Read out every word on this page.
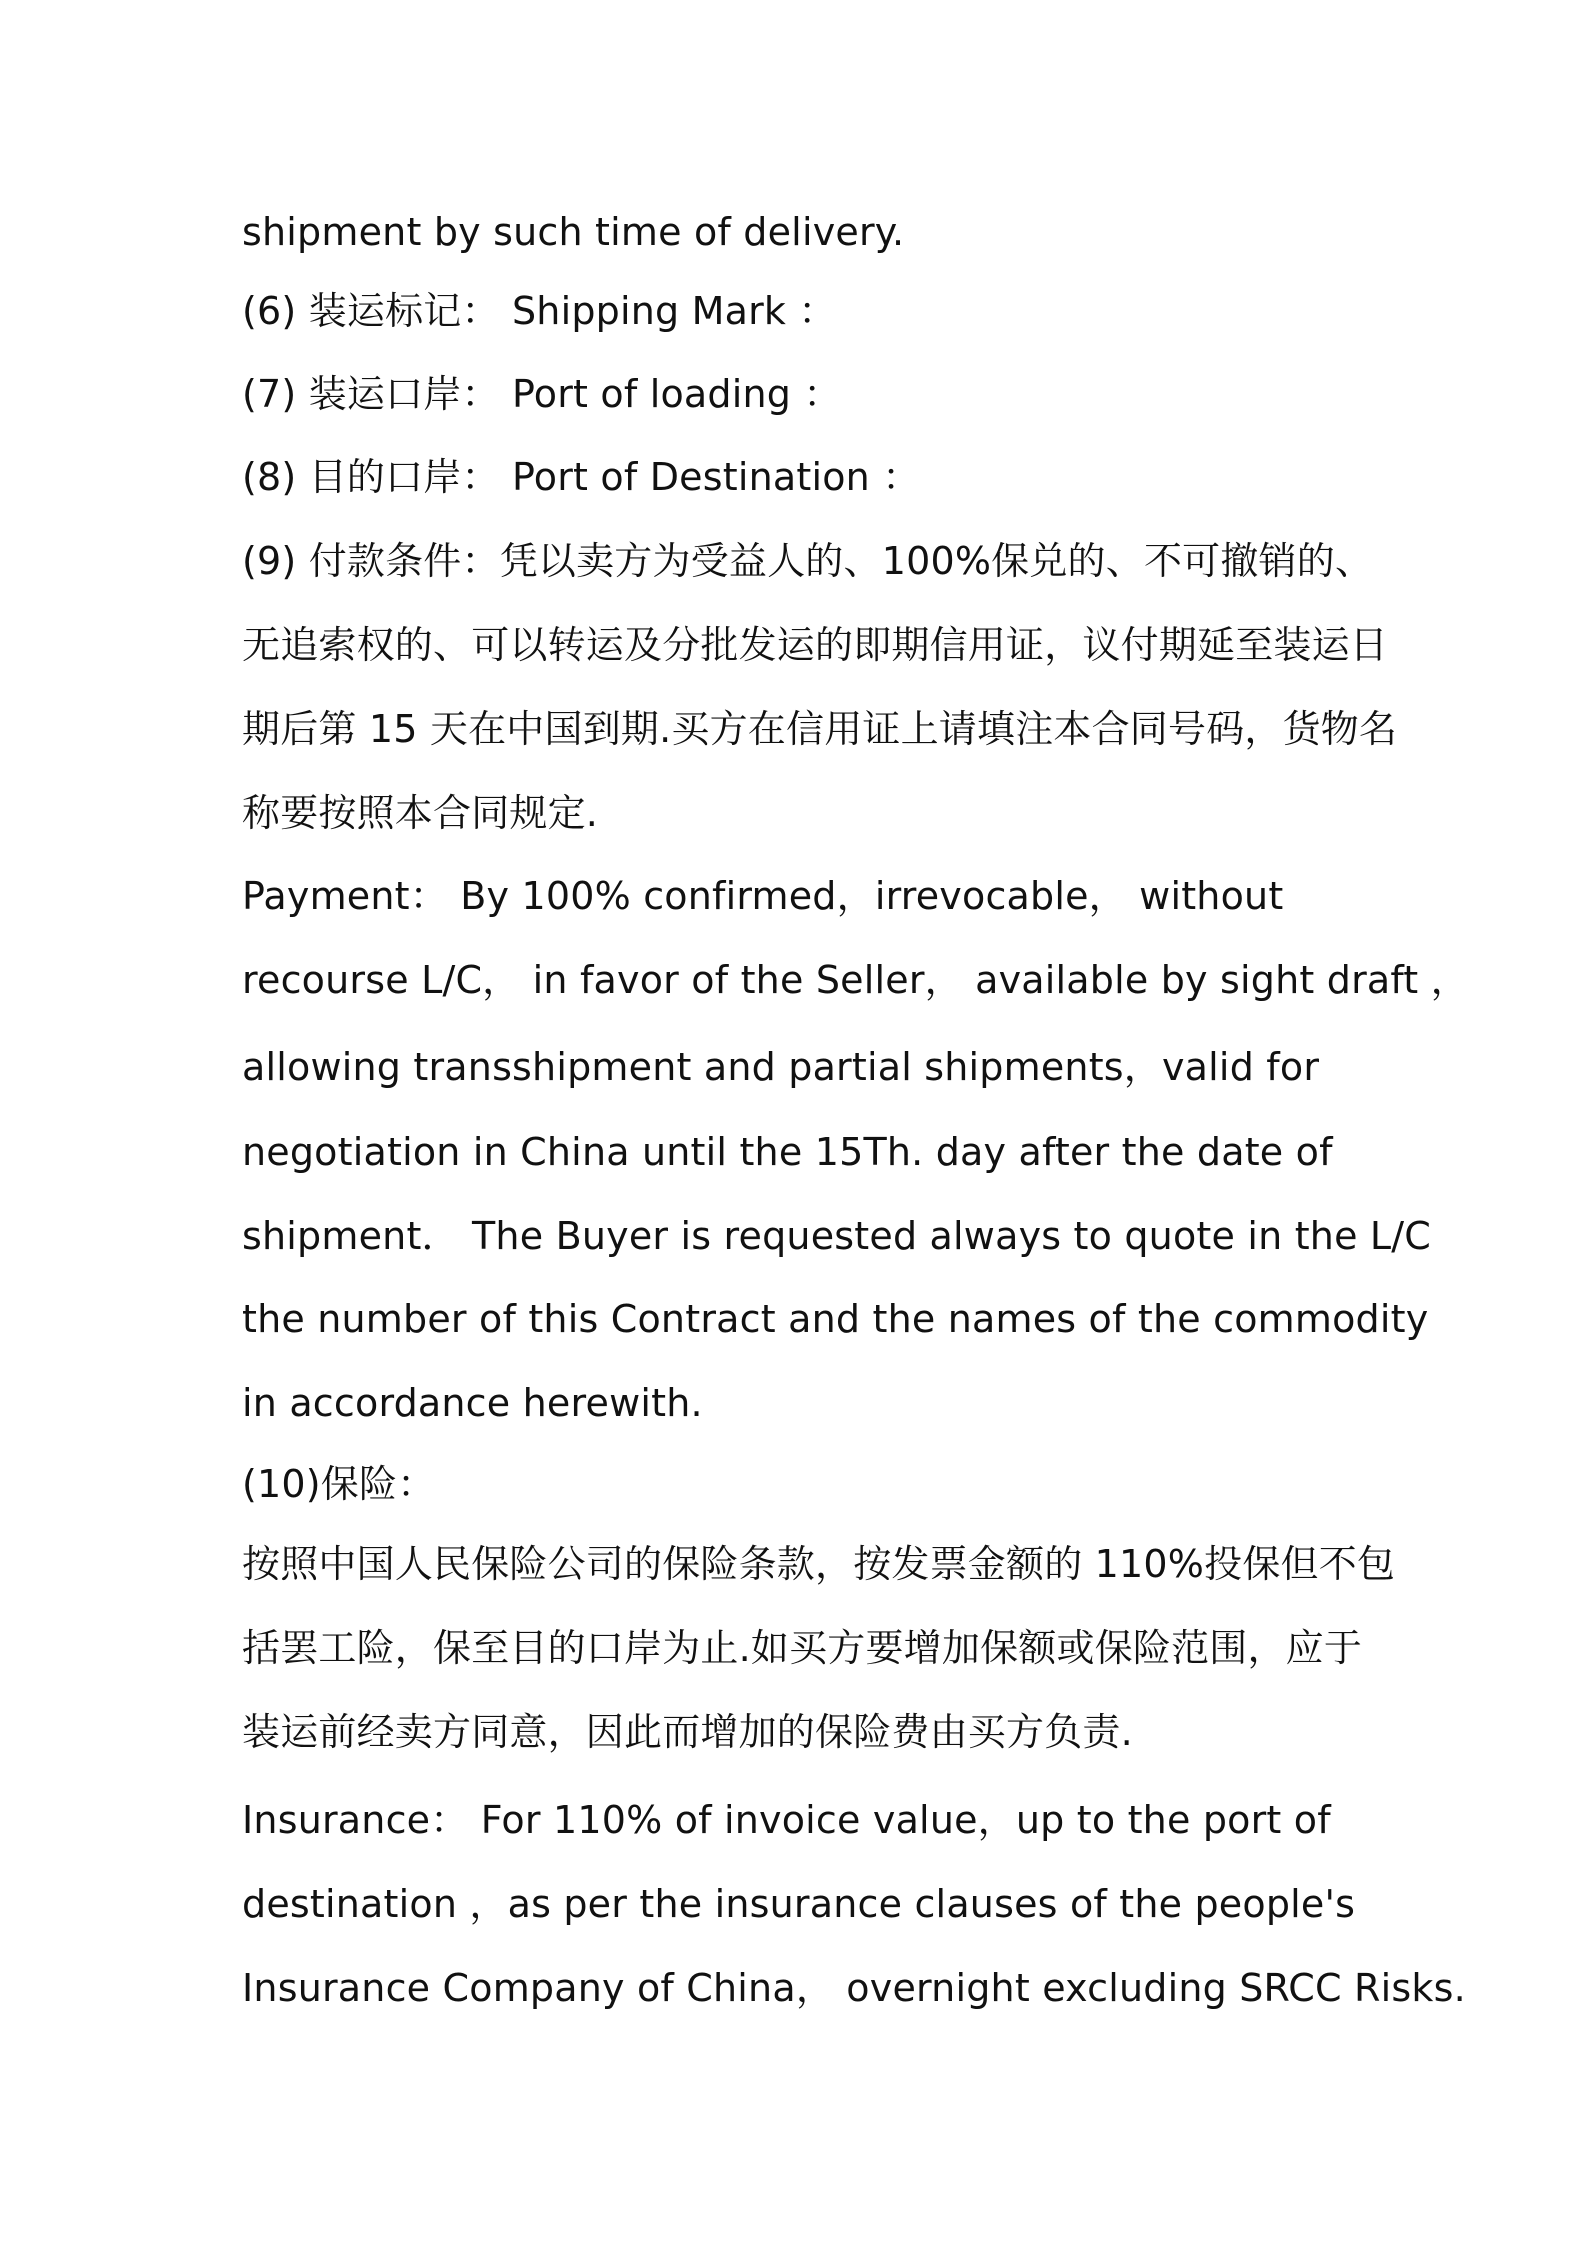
shipment by such time of delivery.
(6) 装运标记： Shipping Mark ：
(7) 装运口岸： Port of loading ：
(8) 目的口岸： Port of Destination ：
(9) 付款条件：凭以卖方为受益人的、100%保兑的、不可撤销的、
无追索权的、可以转运及分批发运的即期信用证，议付期延至装运日
期后第 15 天在中国到期.买方在信用证上请填注本合同号码，货物名
称要按照本合同规定.
Payment： By 100% confirmed，irrevocable， without
recourse L/C， in favor of the Seller， available by sight draft ，
allowing transshipment and partial shipments，valid for
negotiation in China until the 15Th. day after the date of
shipment． The Buyer is requested always to quote in the L/C
the number of this Contract and the names of the commodity
in accordance herewith.
(10)保险：
按照中国人民保险公司的保险条款，按发票金额的 110%投保但不包
括罢工险，保至目的口岸为止.如买方要增加保额或保险范围，应于
装运前经卖方同意，因此而增加的保险费由买方负责.
Insurance： For 110% of invoice value，up to the port of
destination ，as per the insurance clauses of the people's
Insurance Company of China， overnight excluding SRCC Risks.
